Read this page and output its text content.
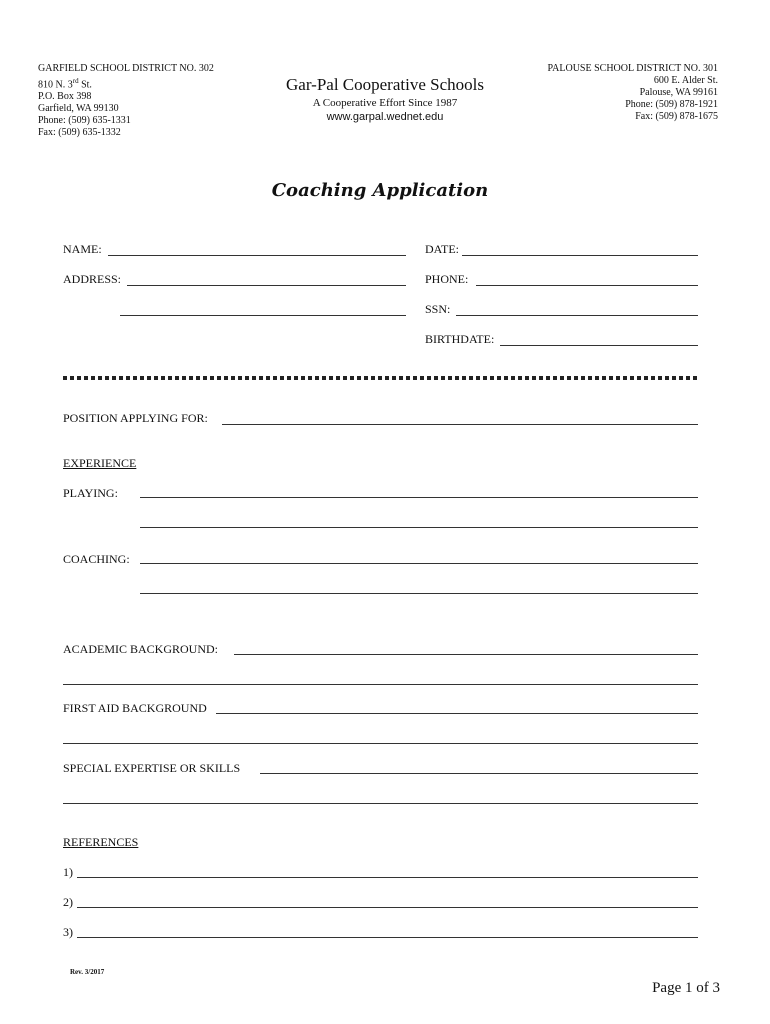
GARFIELD SCHOOL DISTRICT NO. 302
810 N. 3rd St.
P.O. Box 398
Garfield, WA 99130
Phone: (509) 635-1331
Fax: (509) 635-1332
Gar-Pal Cooperative Schools
A Cooperative Effort Since 1987
www.garpal.wednet.edu
PALOUSE SCHOOL DISTRICT NO. 301
600 E. Alder St.
Palouse, WA 99161
Phone: (509) 878-1921
Fax: (509) 878-1675
Coaching Application
NAME:	DATE:
ADDRESS:	PHONE:
SSN:
BIRTHDATE:
POSITION APPLYING FOR:
EXPERIENCE
PLAYING:
COACHING:
ACADEMIC BACKGROUND:
FIRST AID BACKGROUND
SPECIAL EXPERTISE OR SKILLS
REFERENCES
1)
2)
3)
Rev. 3/2017
Page 1 of 3
